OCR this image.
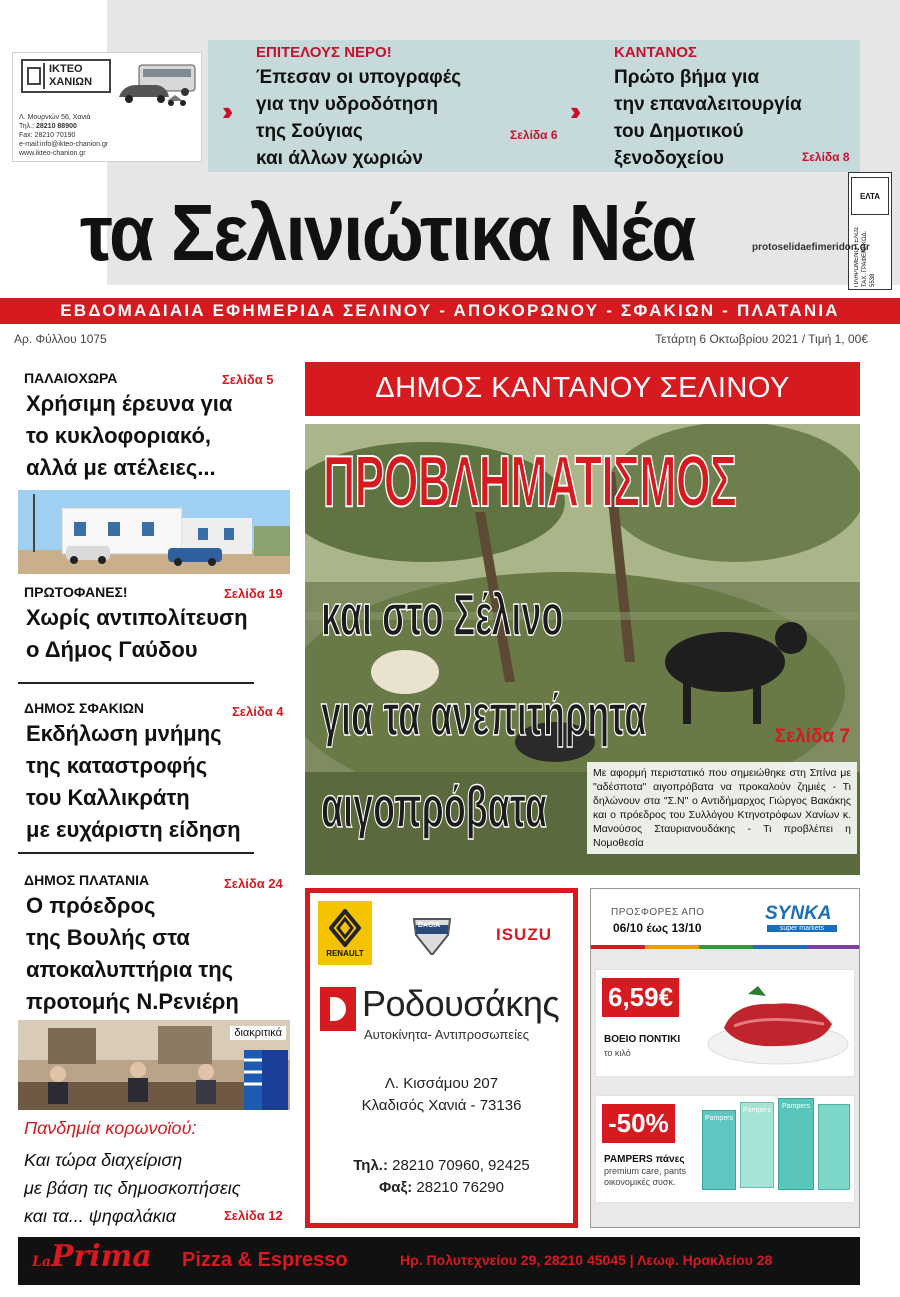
ΙΚΤΕΟ ΧΑΝΙΩΝ
Λ. Μουρνιών 56, Χανιά
Τηλ.: 28210 88900
Fax: 28210 70190
e-mail:info@ikteo-chanion.gr
www.ikteo-chanion.gr
ΕΠΙΤΕΛΟΥΣ ΝΕΡΟ!
››
Έπεσαν οι υπογραφές
για την υδροδότηση
της Σούγιας
και άλλων χωριών
Σελίδα 6
ΚΑΝΤΑΝΟΣ
››
Πρώτο βήμα για
την επαναλειτουργία
του Δημοτικού
ξενοδοχείου	Σελίδα 8
τα Σελινιώτικα Νέα	ΕΛΤΑ
ΠΛΗΡΩΜΕΝΟ ΤΕΛΟΣ ΤΑΧ. ΓΡΑΦΕΙΟ ΚΩΔ. 5538
protoselidaefimeridon.gr
ΕΒΔΟΜΑΔΙΑΙΑ ΕΦΗΜΕΡΙΔΑ ΣΕΛΙΝΟΥ - ΑΠΟΚΟΡΩΝΟΥ - ΣΦΑΚΙΩΝ - ΠΛΑΤΑΝΙΑ
Αρ. Φύλλου 1075	Τετάρτη 6 Οκτωβρίου 2021 / Τιμή 1, 00€
ΠΑΛΑΙΟΧΩΡΑ	Σελίδα 5
Χρήσιμη έρευνα για
το κυκλοφοριακό,
αλλά με ατέλειες...
ΠΡΩΤΟΦΑΝΕΣ!	Σελίδα 19
Χωρίς αντιπολίτευση
ο Δήμος Γαύδου
ΔΗΜΟΣ ΣΦΑΚΙΩΝ	Σελίδα 4
Εκδήλωση μνήμης
της καταστροφής
του Καλλικράτη
με ευχάριστη είδηση
ΔΗΜΟΣ ΠΛΑΤΑΝΙΑ	Σελίδα 24
Ο πρόεδρος
της Βουλής στα
αποκαλυπτήρια της
προτομής Ν.Ρενιέρη
διακριτικά
Πανδημία κορωνοϊού:
Και τώρα διαχείριση
με βάση τις δημοσκοπήσεις
και τα... ψηφαλάκια	Σελίδα 12
ΔΗΜΟΣ ΚΑΝΤΑΝΟΥ ΣΕΛΙΝΟΥ
ΠΡΟΒΛΗΜΑΤΙΣΜΟΣ
και στο Σέλινο
για τα ανεπιτήρητα
αιγοπρόβατα
Σελίδα 7
Με αφορμή περιστατικό που σημειώθηκε στη Σπίνα με "αδέσποτα" αιγοπρόβατα να προκαλούν ζημιές - Τι δηλώνουν στα "Σ.Ν" ο Αντιδήμαρχος Γιώργος Βακάκης και ο πρόεδρος του Συλλόγου Κτηνοτρόφων Χανίων κ. Μανούσος Σταυριανουδάκης - Τι προβλέπει η Νομοθεσία
RENAULT
DACIA	ISUZU
Ροδουσάκης
Αυτοκίνητα- Αντιπροσωπείες
Λ. Κισσάμου 207
Κλαδισός Χανιά - 73136
Τηλ.: 28210 70960, 92425
Φαξ: 28210 76290
ΠΡΟΣΦΟΡΕΣ ΑΠΟ
06/10 έως 13/10
SYNKA
super markets
6,59€
ΒΟΕΙΟ ΠΟΝΤΙΚΙ
το κιλό
-50%
PAMPERS πάνες
premium care, pants
οικονομικές συσκ.
Pampers
Pampers
Pampers
LaPrima Pizza & Espresso	Ηρ. Πολυτεχνείου 29, 28210 45045 | Λεωφ. Ηρακλείου 28
